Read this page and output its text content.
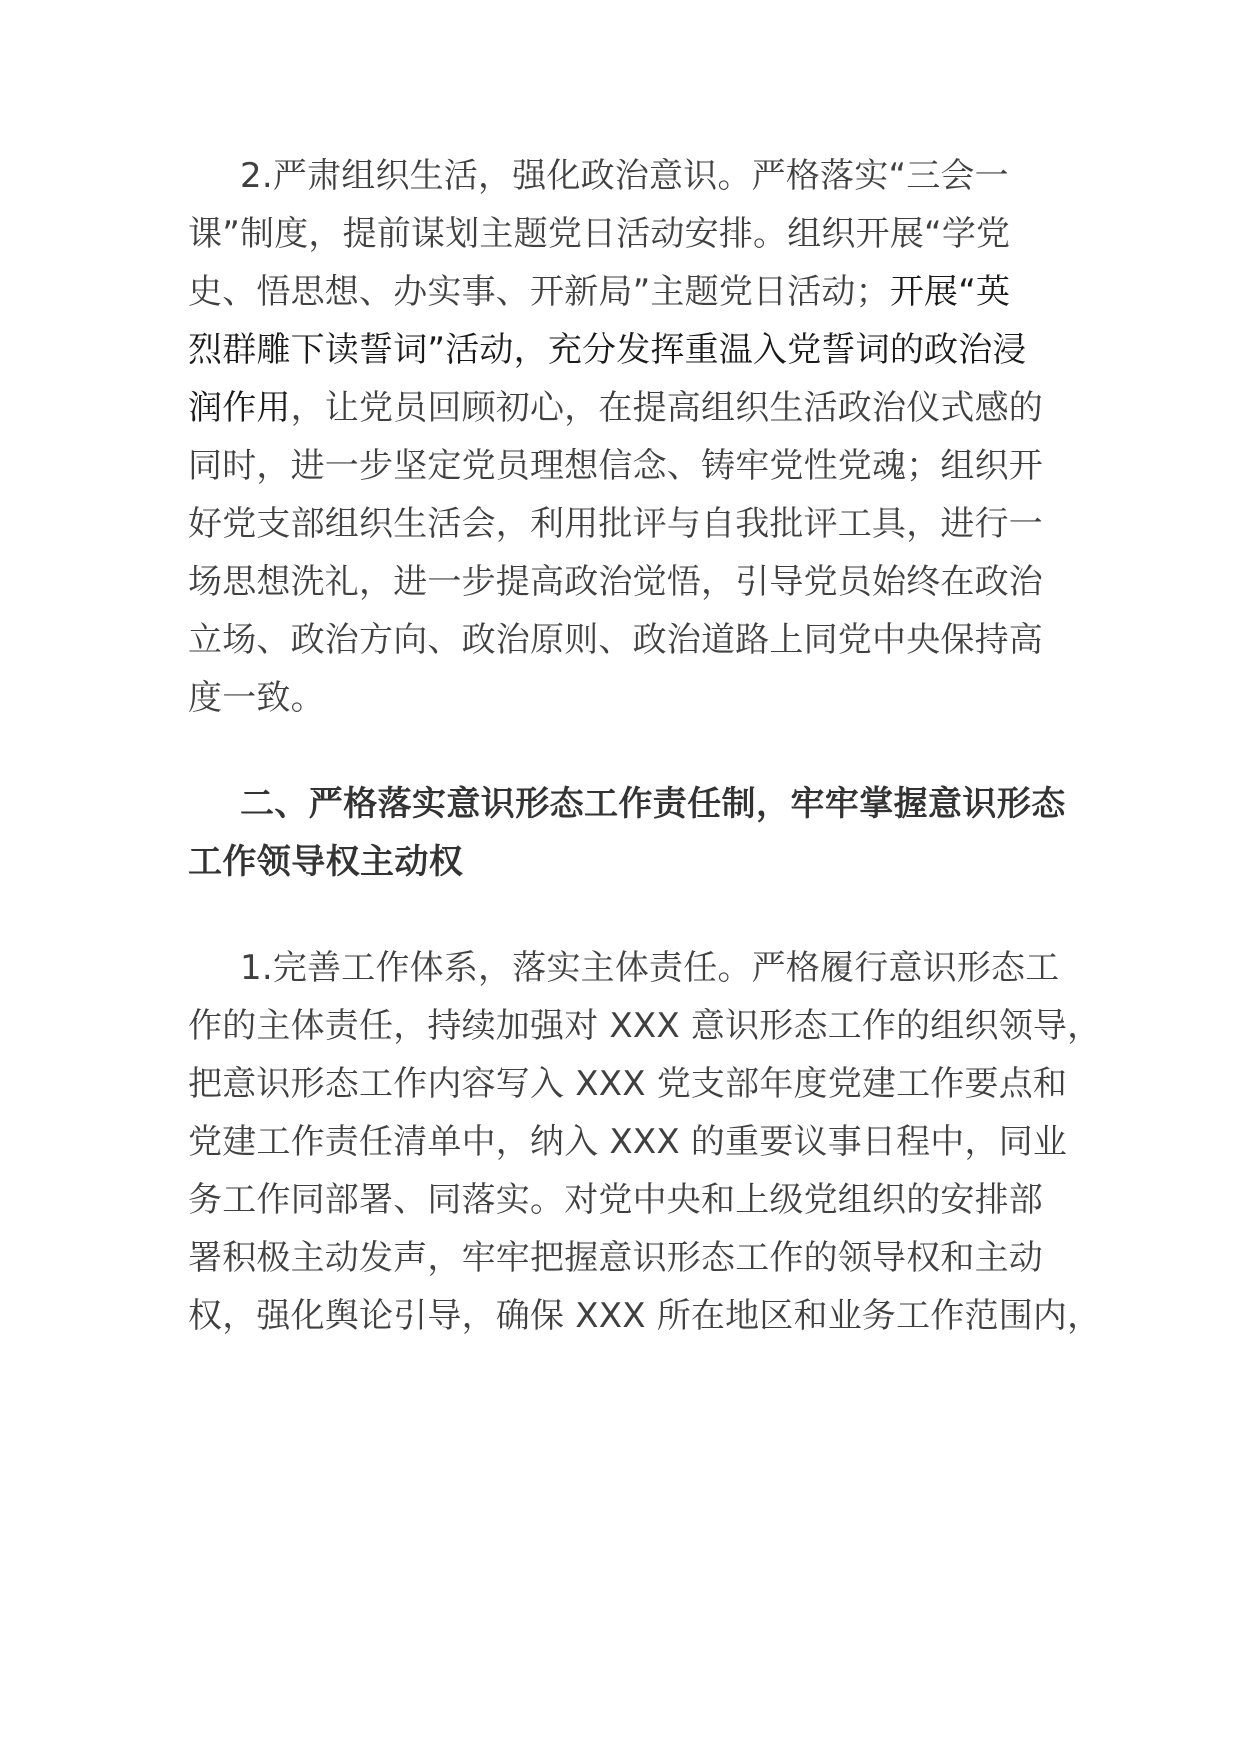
2.严肃组织生活，强化政治意识。严格落实“三会一
课”制度，提前谋划主题党日活动安排。组织开展“学党
史、悟思想、办实事、开新局”主题党日活动；开展“英
烈群雕下读誓词”活动，充分发挥重温入党誓词的政治浸
润作用，让党员回顾初心，在提高组织生活政治仪式感的
同时，进一步坚定党员理想信念、铸牢党性党魂；组织开
好党支部组织生活会，利用批评与自我批评工具，进行一
场思想洗礼，进一步提高政治觉悟，引导党员始终在政治
立场、政治方向、政治原则、政治道路上同党中央保持高
度一致。
二、严格落实意识形态工作责任制，牢牢掌握意识形态
工作领导权主动权
1.完善工作体系，落实主体责任。严格履行意识形态工
作的主体责任，持续加强对 XXX 意识形态工作的组织领导，
把意识形态工作内容写入 XXX 党支部年度党建工作要点和
党建工作责任清单中，纳入 XXX 的重要议事日程中，同业
务工作同部署、同落实。对党中央和上级党组织的安排部
署积极主动发声，牢牢把握意识形态工作的领导权和主动
权，强化舆论引导，确保 XXX 所在地区和业务工作范围内，
